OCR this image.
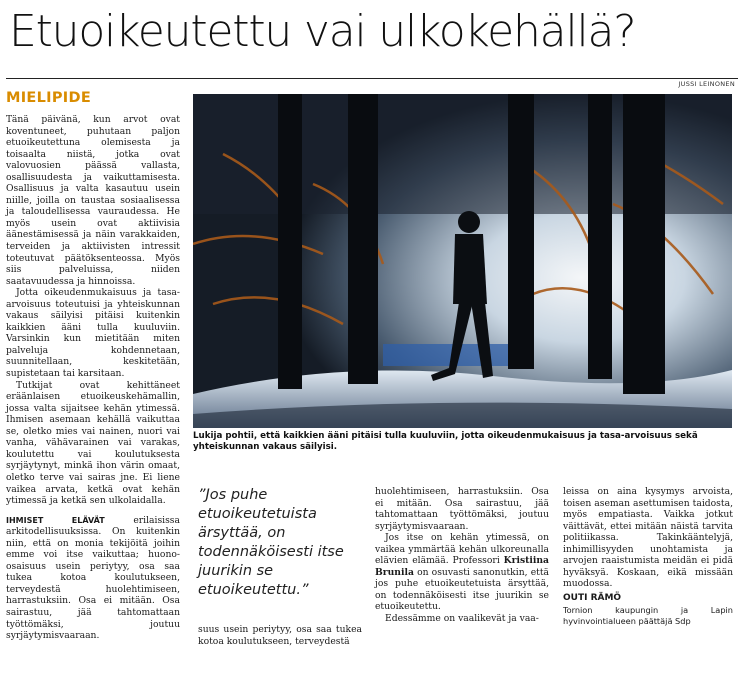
Etuoikeutettu vai ulkokehällä?
MIELIPIDE
JUSSI LEINONEN

Tänä päivänä, kun arvot ovat koventuneet, puhutaan paljon etuoikeutettuna olemisesta ja toisaalta niistä, jotka ovat valovuosien päässä vallasta, osallisuudesta ja vaikuttamisesta. Osallisuus ja valta kasautuu usein niille, joilla on taustaa sosiaalisessa ja taloudellisessa vauraudessa. He myös usein ovat aktiivisia äänestämisessä ja näin varakkaiden, terveiden ja aktiivisten intressit toteutuvat päätöksenteossa. Myös siis palveluissa, niiden saatavuudessa ja hinnoissa.

Jotta oikeudenmukaisuus ja tasa-arvoisuus toteutuisi ja yhteiskunnan vakaus säilyisi pitäisi kuitenkin kaikkien ääni tulla kuuluviin. Varsinkin kun mietitään miten palveluja kohdennetaan, suunnitellaan, keskitetään, supistetaan tai karsitaan.

Tutkijat ovat kehittäneet eräänlaisen etuoikeuskehämallin, jossa valta sijaitsee kehän ytimessä. Ihmisen asemaan kehällä vaikuttaa se, oletko mies vai nainen, nuori vai vanha, vähävarainen vai varakas, koulutettu vai koulutuksesta syrjäytynyt, minkä ihon värin omaat, oletko terve vai sairas jne. Ei liene vaikea arvata, ketkä ovat kehän ytimessä ja ketkä sen ulkolaidalla.

IHMISET ELÄVÄT erilaisissa arkitodellisuuksissa. On kuitenkin niin, että on monia tekijöitä joihin emme voi itse vaikuttaa; huono-osaisuus usein periytyy, osa saa tukea kotoa koulutukseen, terveydestä huolehtimiseen, harrastuksiin. Osa ei mitään. Osa sairastuu, jää tahtomattaan työttömäksi, joutuu syrjäytymisvaaraan.

Lukija pohtii, että kaikkien ääni pitäisi tulla kuuluviin, jotta oikeudenmukaisuus ja tasa-arvoisuus sekä yhteiskunnan vakaus säilyisi.
”Jos puhe etuoikeutetuista ärsyttää, on todennäköisesti itse juurikin se etuoikeutettu.”

suus usein periytyy, osa saa tukea kotoa koulutukseen, terveydestä

huolehtimiseen, harrastuksiin. Osa ei mitään. Osa sairastuu, jää tahtomattaan työttömäksi, joutuu syrjäytymisvaaraan.

Jos itse on kehän ytimessä, on vaikea ymmärtää kehän ulkoreunalla elävien elämää. Professori Kristiina Brunila on osuvasti sanonutkin, että jos puhe etuoikeutetuista ärsyttää, on todennäköisesti itse juurikin se etuoikeutettu.

Edessämme on vaalikevät ja vaa-

leissa on aina kysymys arvoista, toisen aseman asettumisen taidosta, myös empatiasta. Vaikka jotkut väittävät, ettei mitään näistä tarvita politiikassa. Takinkääntelyjä, inhimillisyyden unohtamista ja arvojen raaistumista meidän ei pidä hyväksyä. Koskaan, eikä missään muodossa.

OUTI RÄMÖ
Tornion kaupungin ja Lapin hyvinvointialueen päättäjä Sdp
